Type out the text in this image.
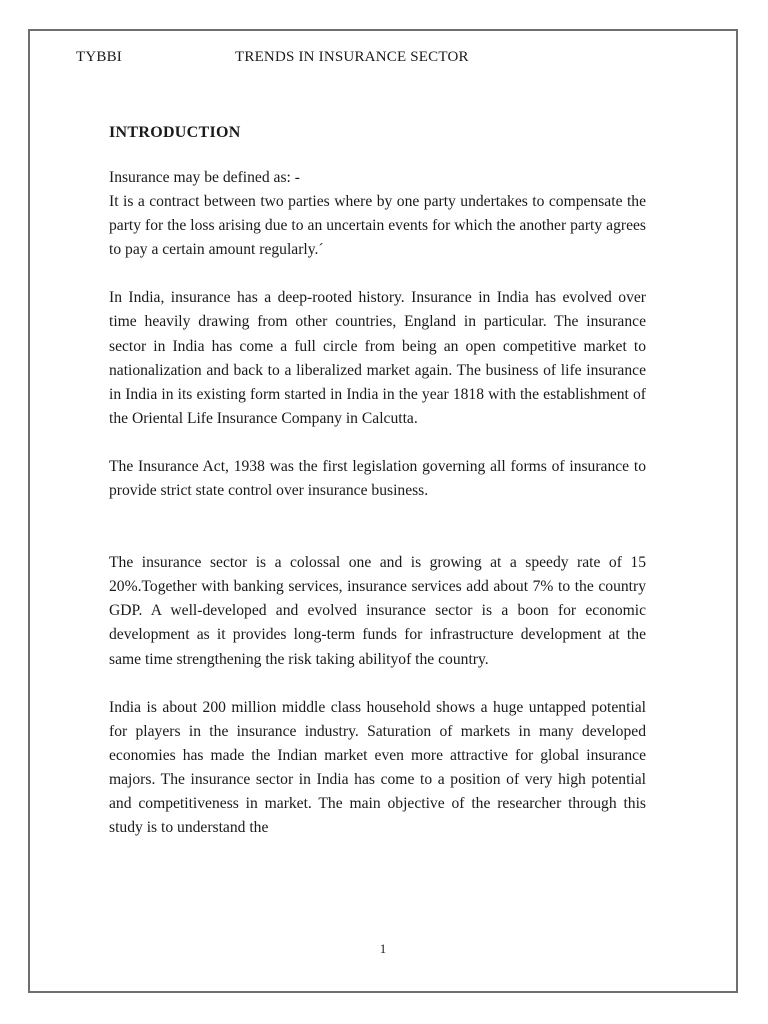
TYBBI	TRENDS IN INSURANCE SECTOR
INTRODUCTION

Insurance may be defined as: -

It is a contract between two parties where by one party undertakes to compensate the party for the loss arising due to an uncertain events for which the another party agrees to pay a certain amount regularly.´

In India, insurance has a deep-rooted history. Insurance in India has evolved over time heavily drawing from other countries, England in particular. The insurance sector in India has come a full circle from being an open competitive market to nationalization and back to a liberalized market again. The business of life insurance in India in its existing form started in India in the year 1818 with the establishment of the Oriental Life Insurance Company in Calcutta.

The Insurance Act, 1938 was the first legislation governing all forms of insurance to provide strict state control over insurance business.

The insurance sector is a colossal one and is growing at a speedy rate of 15 20%.Together with banking services, insurance services add about 7% to the country GDP. A well-developed and evolved insurance sector is a boon for economic development as it provides long-term funds for infrastructure development at the same time strengthening the risk taking abilityof the country.

India is about 200 million middle class household shows a huge untapped potential for players in the insurance industry. Saturation of markets in many developed economies has made the Indian market even more attractive for global insurance majors. The insurance sector in India has come to a position of very high potential and competitiveness in market. The main objective of the researcher through this study is to understand the

1
